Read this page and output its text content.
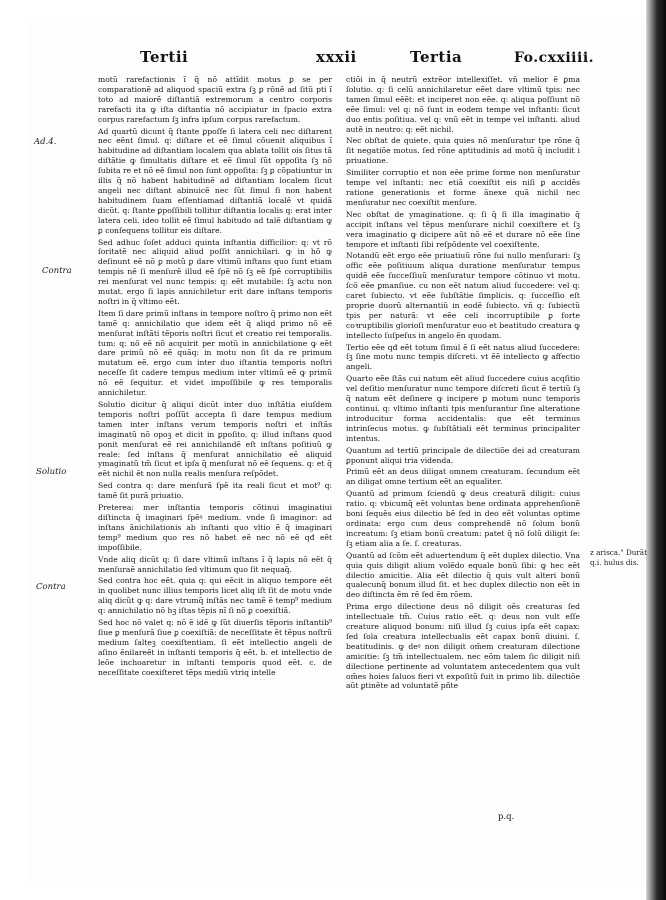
Tertii	xxxii	Tertia	Fo.cxxiiii.
Ad.4.
Contra
Solutio
Contra
z arisca." Durãt q.i. hulus dis.

motũ rarefactionis ĩ q̃ nõ attĩdit motus ꝑ se per comparationẽ ad aliquod spaciũ extra ſꝫ ꝑ rõnẽ ad ſitũ pti ĩ toto ad maiorẽ diſtantiã extremorum a centro corporis rarefacti ita ꝙ iſta diſtantia nõ accipiatur in ſpacio extra corpus rarefactum ſꝫ infra ipſum corpus rarefactum.

Ad quartũ dicunt q̃ ſtante ꝑpoſſe ſi latera celi nec diſtarent nec eẽnt ſimul. q: diſtare et eẽ ſimul cõuenit aliquibus ĩ habitudine ad diſtantiam localem qua ablata tollit ois ſitus tã diſtãtie ꝙ ſimultatis diſtare et eẽ ſimul ſũt oppoſita ſꝫ nõ ſubita re et nõ eẽ ſimul non ſunt oppoſita: ſꝫ ꝑ cõpatiuntur in illis q̃ nõ habent habitudinẽ ad diſtantiam localem ſicut angeli nec diſtant abinuicẽ nec ſũt ſimul ſi non habent habitudinem ſuam eſſentiamad diſtantiã localẽ vt quidã dicũt. q: ſtante ꝑpoſſibili tollitur diſtantia localis q: erat inter latera celi. ideo tollit eẽ ſimul habitudo ad talẽ diſtantiam ꝙ ꝑ conſequens tollitur eis diſtare.

Sed adhuc ſoſet adduci quinta inſtantia difficilior: q: vt rõ ſoritatẽ nec aliquid aliud poſſit annichilari. ꝙ in hõ ꝙ deſinunt eẽ nõ ꝑ motũ ꝑ dare vltimũ inſtans quo ſunt etiam tempis nẽ ſi menſurẽ illud eẽ ſpẽ nõ ſꝫ eẽ ſpẽ corruptibilis rei menſurat vel nunc tempis: q: eẽt mutabile: ſꝫ actu non mutat. ergo ſi lapis annichiletur erit dare inſtans temporis noſtri in q̃ vltimo eẽt.

Item ſi dare primũ inſtans in tempore noſtro q̃ primo non eẽt tamẽ q: annichilatio que idem eẽt q̃ aliqd primo nõ eẽ menſurat inſtãti tẽporis noſtri ſicut et creatio rei temporalis. tum: q: nõ eẽ nõ acquirit per motũ in annichilatione ꝙ eẽt dare primũ nõ eẽ quãq: in motu non ſit da re primum mutatum eẽ. ergo cum inter duo iſtantia temporis noſtri neceſſe ſit cadere tempus medium inter vltimũ eẽ ꝙ primũ nõ eẽ ſequitur. et videt impoſſibile ꝙ res temporalis annichiletur.

Solutio dicitur q̃ aliqui dicũt inter duo inſtãtia eiuſdem temporis noſtri poſſũt accepta ſi dare tempus medium tamen inter inſtans verum temporis noſtri et inſtãs imaginatũ nõ opoꝫ et dicit in ꝑpoſito. q: illud inſtans quod ponit menſurat eẽ rei annichilandẽ eſt inſtans poſitiuũ ꝙ reale: ſed inſtans q̃ menſurat annichilatio eẽ aliquid ymaginatũ tm̃ ſicut et ipſa q̃ menſurat nõ eẽ ſequens. q: et q̃ eẽt nichil ẽt non nulla realis menſura reſpõdet.

Sed contra q: dare menſurã ſpẽ ita reali ſicut et mot⁹ q: tamẽ ſit purã priuatio.

Preterea: mer inſtantia temporis cõtinui imaginatiui diſtincta q̃ imaginari ſpẽꝰ medium. vnde ſi imaginor: ad inſtans ãnichilationis ab inſtanti quo vltio ẽ q̃ imaginari temp⁹ medium quo res nõ habet eẽ nec nõ eẽ qđ eẽt impoſſibile.

Vnde aliq dicũt q: ſi dare vltimũ inſtans ĩ q̃ lapis nõ eẽt q̃ menſuraẽ annichilatio ſed vltimum quo ſit nequaq̃.

Sed contra hoc eẽt. quia q: qui eẽcit in aliquo tempore eẽt in quolibet nunc illius temporis licet aliq iſt ſit de motu vnde aliq dicũt ꝙ q: dare vtrumq̃ inſtãs nec tamẽ ẽ temp⁹ medium q: annichilatio nõ hꝫ iſtas tẽpis nĩ ſi nõ ꝑ coexiſtiã.

Sed hoc nõ valet q: nõ ẽ idẽ ꝙ ſũt diuerſis tẽporis inſtantib⁹ ſiue ꝑ menſurã ſiue ꝑ coexiſtiã: de neceſſitate ẽt tẽpus noſtrũ medium ſalteꝫ coexiſtentiam. ſi eẽt intellectio angeli de aſino ẽnilareẽt in inſtanti temporis q̃ eẽt. b. et intellectio de leõe inchoaretur in inſtanti temporis quod eẽt. c. de neceſſitate coexiſteret tẽps mediũ vtriq intelle

ctiõi in q̃ neutrũ extrẽor intellexiſſet. vñ melior ẽ ꝑma ſolutio. q: ſi celũ annichilaretur eẽet dare vltimũ tpis: nec tamen ſimul eẽẽt: et inciperet non eẽe. q: aliqua poſſiunt nõ eẽe ſimul: vel q: nõ ſunt in eodem tempe vel inſtanti: ſicut duo entis poſitiua. vel q: vnũ eẽt in tempe vel inſtanti. aliud autẽ in neutro: q: eẽt nichil.

Nec obſtat de quiete. quia quies nõ menſuratur tpe rõne q̃ ſit negatiõe motus. ſed rõne aptitudinis ad motũ q̃ includit i priuatione.

Similiter corruptio et non eẽe prime forme non menſuratur tempe vel inſtanti: nec etiã coexiſtit eis niſi ꝑ accidẽs ratione generationis et forme ãnexe quã nichil nec menſuratur nec coexiſtit menſure.

Nec obſtat de ymaginatione. q: ſi q̃ ſi illa imaginatio q̃ accipit inſtans vel tẽpus menſurare nichil coexiſtere et ſꝫ vera imaginatio ꝙ dicipere aũt nõ eẽ et durare nõ eẽe ſine tempore et inſtanti ſibi reſpõdente vel coexiſtente.

Notandũ eẽt ergo eẽe priuatiuũ rõne ſui nullo menſurari: ſꝫ offic eẽe poſitiuum aliqua duratione menſuratur tempus quidẽ eẽe ſucceſſiuũ menſuratur tempore cõtinuo vt motu. ſcõ eẽe ꝑmanſiue. cu non eẽt natum aliud ſuccedere: vel q: caret ſubiecto. vt eẽe ſubſtãtie ſimplicis. q: ſucceſſio eſt proprie duorũ alternantiũ in eodẽ ſubiecto. vñ q: ſubiectũ tpis per naturã: vt eẽe celi incorruptibile ꝑ forte coꝛruptibilis glorioſi menſuratur euo et beatitudo creatura ꝙ intellecto ſuſpeſus in angelo ẽn quodam.

Tertio eẽe qđ eẽt totum ſimul ẽ ſi eẽt natus aliud ſuccedere: ſꝫ ſine motu nunc tempis diſcreti. vt ẽẽ intellecto ꝙ affectio angeli.

Quarto eẽe ſtãs cui natum eẽt aliud ſuccedere cuius acqſitio vel deſitio menſuratur nunc tempore diſcreti ſicut ẽ tertiũ ſꝫ q̃ natum eẽt deſinere ꝙ incipere ꝑ motum nunc temporis continui. q: vltimo inſtanti tpis menſurantur ſine alteratione introducitur forma accidentalis: que eẽt terminus intrinſecus motus. ꝙ ſubſtãtiali eẽt terminus principaliter intentus.

Quantum ad tertiũ principale de dilectiõe dei ad creaturam ꝑponunt aliqui tria videnda.

Primũ eẽt an deus diligat omnem creaturam. ſecundum eẽt an diligat omne tertium eẽt an equaliter.

Quantũ ad primum ſciendũ ꝙ deus creaturã diligit: cuius ratio. q: vbicumq̃ eẽt voluntas bene ordinata apprehenſionẽ boni ſequẽs eius dilectio bẽ ſed in deo eẽt voluntas optime ordinata: ergo cum deus comprehendẽ nõ ſolum bonũ increatum: ſꝫ etiam bonũ creatum: patet q̃ nõ ſolũ diligit ſe: ſꝫ etiam alia a ſe. ſ. creaturas.

Quantũ ad ſcõm eẽt aduertendum q̃ eẽt duplex dilectio. Vna quia quis diligit alium volẽdo equale bonũ ſibi: ꝙ hec eẽt dilectio amicitie. Alia eẽt dilectio q̃ quis vult alteri bonũ qualecunq̃ bonum illud ſit. et hec duplex dilectio non eẽt in deo diſtincta ẽm rẽ ſed ẽm rõem.

Prima ergo dilectione deus nõ diligit oẽs creaturas ſed intellectuale tm̃. Cuius ratio eẽt. q: deus non vult eſſe creature aliquod bonum: niſi illud ſꝫ cuius ipſa eẽt capax: ſed ſola creatura intellectualis eẽt capax bonũ diuini. ſ. beatitudinis. ꝙ deꝰ non diligit om̃em creaturam dilectione amicitie: ſꝫ tm̃ intellectualem. nec eõm talem ſic diligit niſi dilectione pertinente ad voluntatem antecedentem qua vult om̃es hoies ſaluos fieri vt expoſitũ fuit in primo lib. dilectiõe aũt ꝑtinẽte ad voluntatẽ pñte

p.q.
